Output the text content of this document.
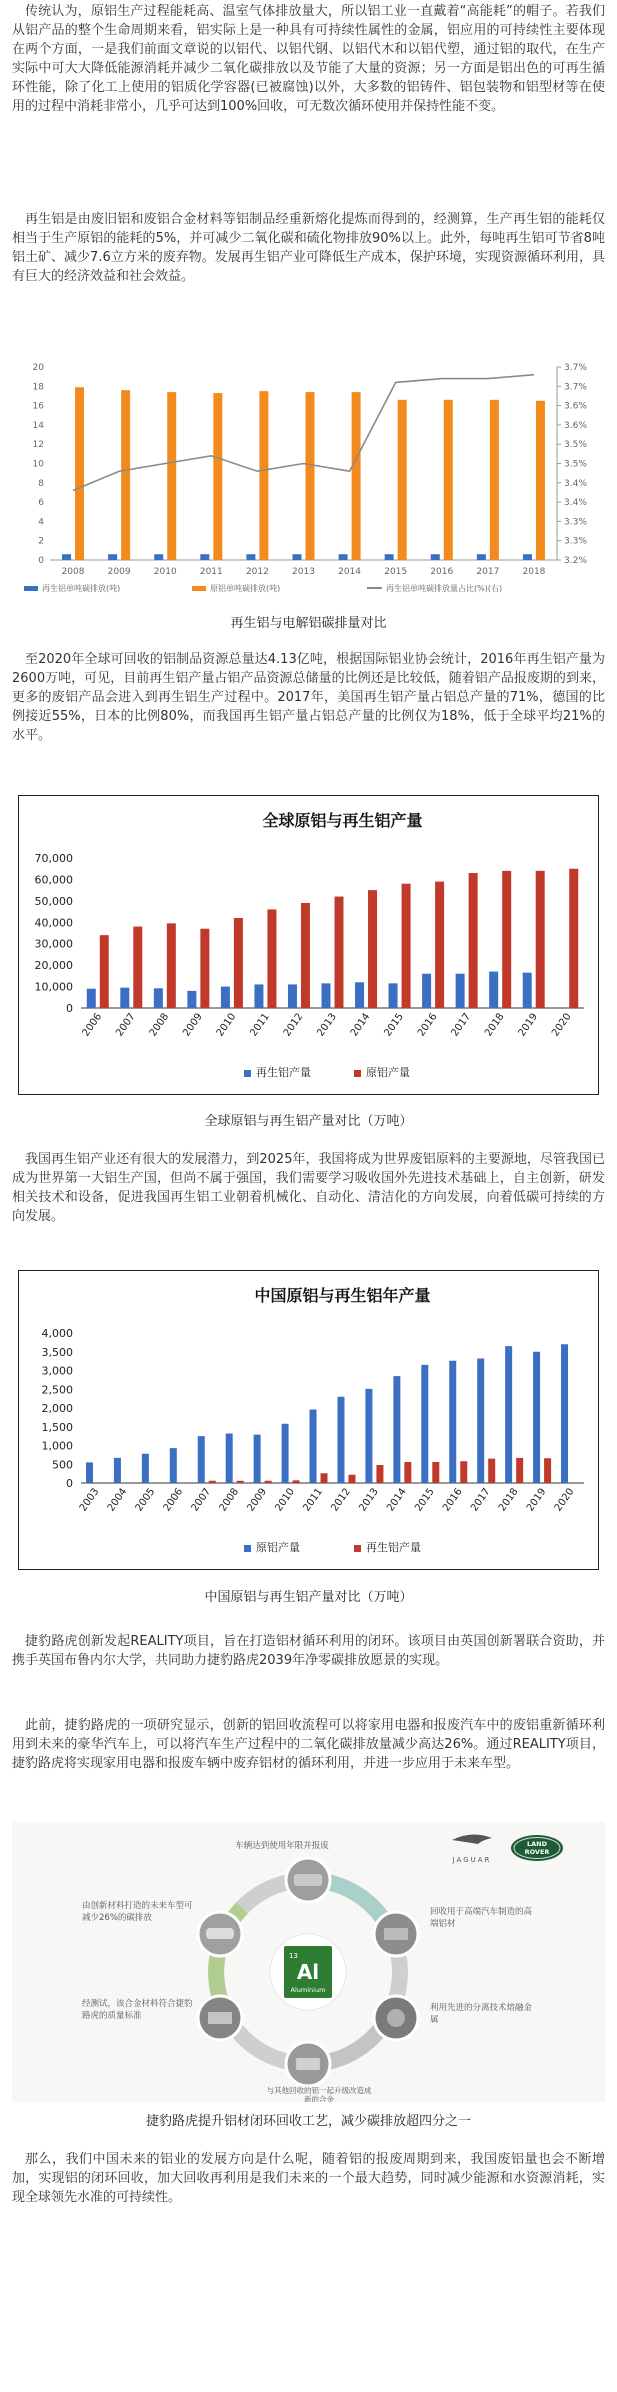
传统认为，原铝生产过程能耗高、温室气体排放量大，所以铝工业一直戴着“高能耗”的帽子。若我们从铝产品的整个生命周期来看，铝实际上是一种具有可持续性属性的金属，铝应用的可持续性主要体现在两个方面，一是我们前面文章说的以铝代、以铝代钢、以铝代木和以铝代塑，通过铝的取代，在生产实际中可大大降低能源消耗并减少二氧化碳排放以及节能了大量的资源；另一方面是铝出色的可再生循环性能，除了化工上使用的铝质化学容器(已被腐蚀)以外，大多数的铝铸件、铝包装物和铝型材等在使用的过程中消耗非常小，几乎可达到100%回收，可无数次循环使用并保持性能不变。

再生铝是由废旧铝和废铝合金材料等铝制品经重新熔化提炼而得到的，经测算，生产再生铝的能耗仅相当于生产原铝的能耗的5%，并可减少二氧化碳和硫化物排放90%以上。此外，每吨再生铝可节省8吨铝土矿、减少7.6立方米的废弃物。发展再生铝产业可降低生产成本，保护环境，实现资源循环利用，具有巨大的经济效益和社会效益。

0
2
4
6
8
10
12
14
16
18
20
3.2%
3.3%
3.3%
3.4%
3.4%
3.5%
3.5%
3.6%
3.6%
3.7%
3.7%
2008	2009	2010	2011	2012	2013	2014	2015	2016	2017	2018
再生铝单吨碳排放(吨)	原铝单吨碳排放(吨)	再生铝单吨碳排放量占比(%)(右)

再生铝与电解铝碳排量对比

至2020年全球可回收的铝制品资源总量达4.13亿吨，根据国际铝业协会统计，2016年再生铝产量为2600万吨，可见，目前再生铝产量占铝产品资源总储量的比例还是比较低，随着铝产品报废期的到来，更多的废铝产品会进入到再生铝生产过程中。2017年，美国再生铝产量占铝总产量的71%，德国的比例接近55%，日本的比例80%，而我国再生铝产量占铝总产量的比例仅为18%，低于全球平均21%的水平。

全球原铝与再生铝产量
0
10,000
20,000
30,000
40,000
50,000
60,000
70,000
2006 2007 2008 2009 2010 2011 2012 2013 2014 2015 2016 2017 2018 2019 2020
再生铝产量	原铝产量

全球原铝与再生铝产量对比（万吨）

我国再生铝产业还有很大的发展潜力，到2025年，我国将成为世界废铝原料的主要源地，尽管我国已成为世界第一大铝生产国，但尚不属于强国，我们需要学习吸收国外先进技术基础上，自主创新，研发相关技术和设备，促进我国再生铝工业朝着机械化、自动化、清洁化的方向发展，向着低碳可持续的方向发展。

中国原铝与再生铝年产量
0
500
1,000
1,500
2,000
2,500
3,000
3,500
4,000
2003 2004 2005 2006 2007 2008 2009 2010 2011 2012 2013 2014 2015 2016 2017 2018 2019 2020
原铝产量	再生铝产量

中国原铝与再生铝产量对比（万吨）

捷豹路虎创新发起REALITY项目，旨在打造铝材循环利用的闭环。该项目由英国创新署联合资助，并携手英国布鲁内尔大学，共同助力捷豹路虎2039年净零碳排放愿景的实现。

此前，捷豹路虎的一项研究显示，创新的铝回收流程可以将家用电器和报废汽车中的废铝重新循环利用到未来的豪华汽车上，可以将汽车生产过程中的二氧化碳排放量减少高达26%。通过REALITY项目，捷豹路虎将实现家用电器和报废车辆中废弃铝材的循环利用，并进一步应用于未来车型。

JAGUAR
LAND
ROVER
13
Al
Aluminium
车辆达到使用年限并报废
回收用于高端汽车制造的高端铝材
利用先进的分离技术熔融金属
与其他回收的铝一起升级改造成新的合金
由创新材料打造的未来车型可减少26%的碳排放
经测试，该合金材料符合捷豹路虎的质量标准

捷豹路虎提升铝材闭环回收工艺，减少碳排放超四分之一

那么，我们中国未来的铝业的发展方向是什么呢，随着铝的报废周期到来，我国废铝量也会不断增加，实现铝的闭环回收，加大回收再利用是我们未来的一个最大趋势，同时减少能源和水资源消耗，实现全球领先水准的可持续性。
